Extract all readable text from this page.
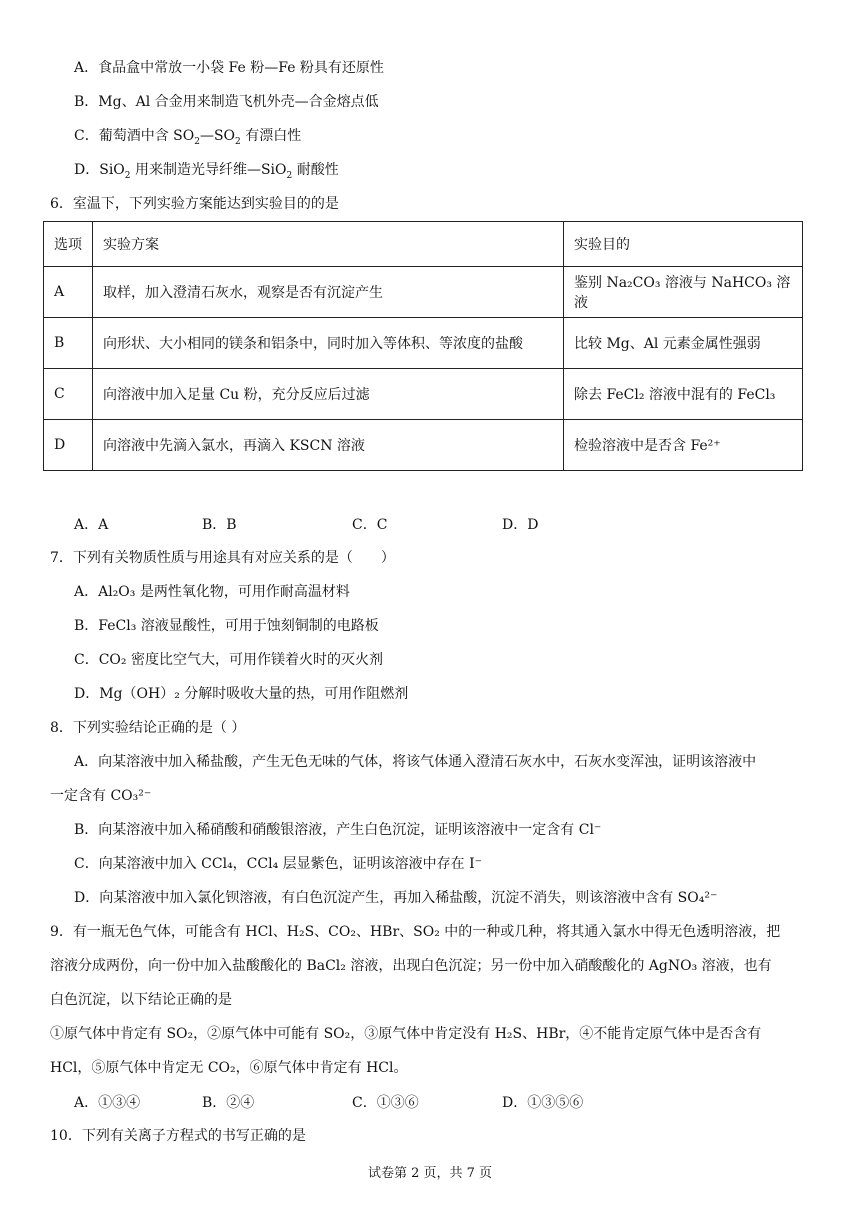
A．食品盒中常放一小袋 Fe 粉—Fe 粉具有还原性
B．Mg、Al 合金用来制造飞机外壳—合金熔点低
C．葡萄酒中含 $SO_2—SO_2$ 有漂白性
D．SiO$_2$ 用来制造光导纤维—SiO$_2$ 耐酸性
6．室温下，下列实验方案能达到实验目的的是
选项	实验方案	实验目的
A	取样，加入澄清石灰水，观察是否有沉淀产生	鉴别 Na₂CO₃ 溶液与 NaHCO₃ 溶液
B	向形状、大小相同的镁条和铝条中，同时加入等体积、等浓度的盐酸	比较 Mg、Al 元素金属性强弱
C	向溶液中加入足量 Cu 粉，充分反应后过滤	除去 FeCl₂ 溶液中混有的 FeCl₃
D	向溶液中先滴入氯水，再滴入 KSCN 溶液	检验溶液中是否含 Fe²⁺
A．A	B．B	C．C	D．D
7．下列有关物质性质与用途具有对应关系的是（　　）
A．Al₂O₃ 是两性氧化物，可用作耐高温材料
B．FeCl₃ 溶液显酸性，可用于蚀刻铜制的电路板
C．CO₂ 密度比空气大，可用作镁着火时的灭火剂
D．Mg（OH）₂ 分解时吸收大量的热，可用作阻燃剂
8．下列实验结论正确的是（ ）
A．向某溶液中加入稀盐酸，产生无色无味的气体，将该气体通入澄清石灰水中，石灰水变浑浊，证明该溶液中
一定含有 CO₃²⁻
B．向某溶液中加入稀硝酸和硝酸银溶液，产生白色沉淀，证明该溶液中一定含有 Cl⁻
C．向某溶液中加入 CCl₄，CCl₄ 层显紫色，证明该溶液中存在 I⁻
D．向某溶液中加入氯化钡溶液，有白色沉淀产生，再加入稀盐酸，沉淀不消失，则该溶液中含有 SO₄²⁻
9．有一瓶无色气体，可能含有 HCl、H₂S、CO₂、HBr、SO₂ 中的一种或几种，将其通入氯水中得无色透明溶液，把
溶液分成两份，向一份中加入盐酸酸化的 BaCl₂ 溶液，出现白色沉淀；另一份中加入硝酸酸化的 AgNO₃ 溶液，也有
白色沉淀，以下结论正确的是
①原气体中肯定有 SO₂，②原气体中可能有 SO₂，③原气体中肯定没有 H₂S、HBr，④不能肯定原气体中是否含有
HCl，⑤原气体中肯定无 CO₂，⑥原气体中肯定有 HCl。
A．①③④	B．②④	C．①③⑥	D．①③⑤⑥
10．下列有关离子方程式的书写正确的是
试卷第 2 页，共 7 页
